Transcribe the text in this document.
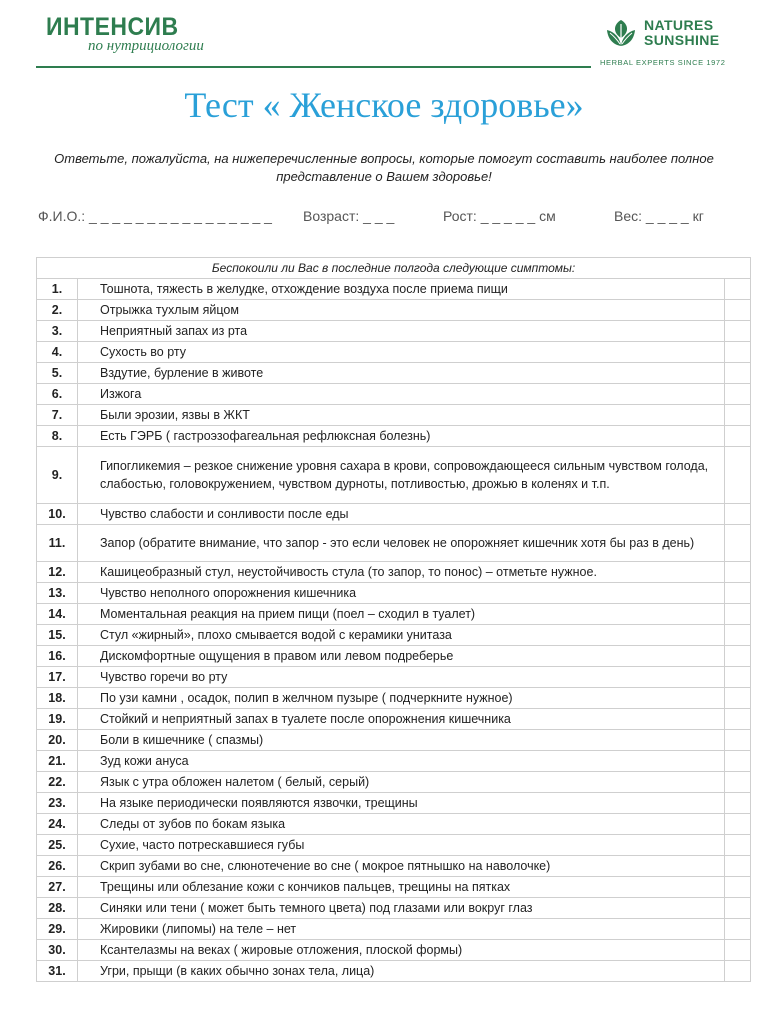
ИНТЕНСИВ
по нутрициологии
NATURES
SUNSHINE
HERBAL EXPERTS SINCE 1972
Тест « Женское здоровье»
Ответьте, пожалуйста, на нижеперечисленные вопросы, которые помогут составить наиболее полное представление о Вашем здоровье!
Ф.И.О.: _ _ _ _ _ _ _ _ _ _ _ _ _ _ _ _ Возраст: _ _ _	Рост: _ _ _ _ _ см	Вес: _ _ _ _ кг
Беспокоили ли Вас в последние полгода следующие симптомы:		
1.	Тошнота, тяжесть в желудке, отхождение воздуха после приема пищи	
2.	Отрыжка тухлым яйцом	
3.	Неприятный запах из рта	
4.	Сухость во рту	
5.	Вздутие, бурление в животе	
6.	Изжога	
7.	Были эрозии, язвы в ЖКТ	
8.	Есть ГЭРБ ( гастроэзофагеальная рефлюксная болезнь)	
9.	Гипогликемия – резкое снижение уровня сахара в крови, сопровождающееся сильным чувством голода, слабостью, головокружением, чувством дурноты, потливостью, дрожью в коленях и т.п.	
10.	Чувство слабости и сонливости после еды	
11.	Запор (обратите внимание, что запор - это если человек не опорожняет кишечник хотя бы раз в день)	
12.	Кашицеобразный стул, неустойчивость стула (то запор, то понос) – отметьте нужное.	
13.	Чувство неполного опорожнения кишечника	
14.	Моментальная реакция на прием пищи (поел – сходил в туалет)	
15.	Стул «жирный», плохо смывается водой с керамики унитаза	
16.	Дискомфортные ощущения в правом или левом подреберье	
17.	Чувство горечи во рту	
18.	По узи камни , осадок, полип в желчном пузыре ( подчеркните нужное)	
19.	Стойкий и неприятный запах в туалете после опорожнения кишечника	
20.	Боли в кишечнике ( спазмы)	
21.	Зуд кожи ануса	
22.	Язык с утра обложен налетом ( белый, серый)	
23.	На языке периодически появляются язвочки, трещины	
24.	Следы от зубов по бокам языка	
25.	Сухие, часто потрескавшиеся губы	
26.	Скрип зубами во сне, слюнотечение во сне ( мокрое пятнышко на наволочке)	
27.	Трещины или облезание кожи с кончиков пальцев, трещины на пятках	
28.	Синяки или тени ( может быть темного цвета) под глазами или вокруг глаз	
29.	Жировики (липомы) на теле – нет	
30.	Ксантелазмы на веках ( жировые отложения, плоской формы)	
31.	Угри, прыщи (в каких обычно зонах тела, лица)	
